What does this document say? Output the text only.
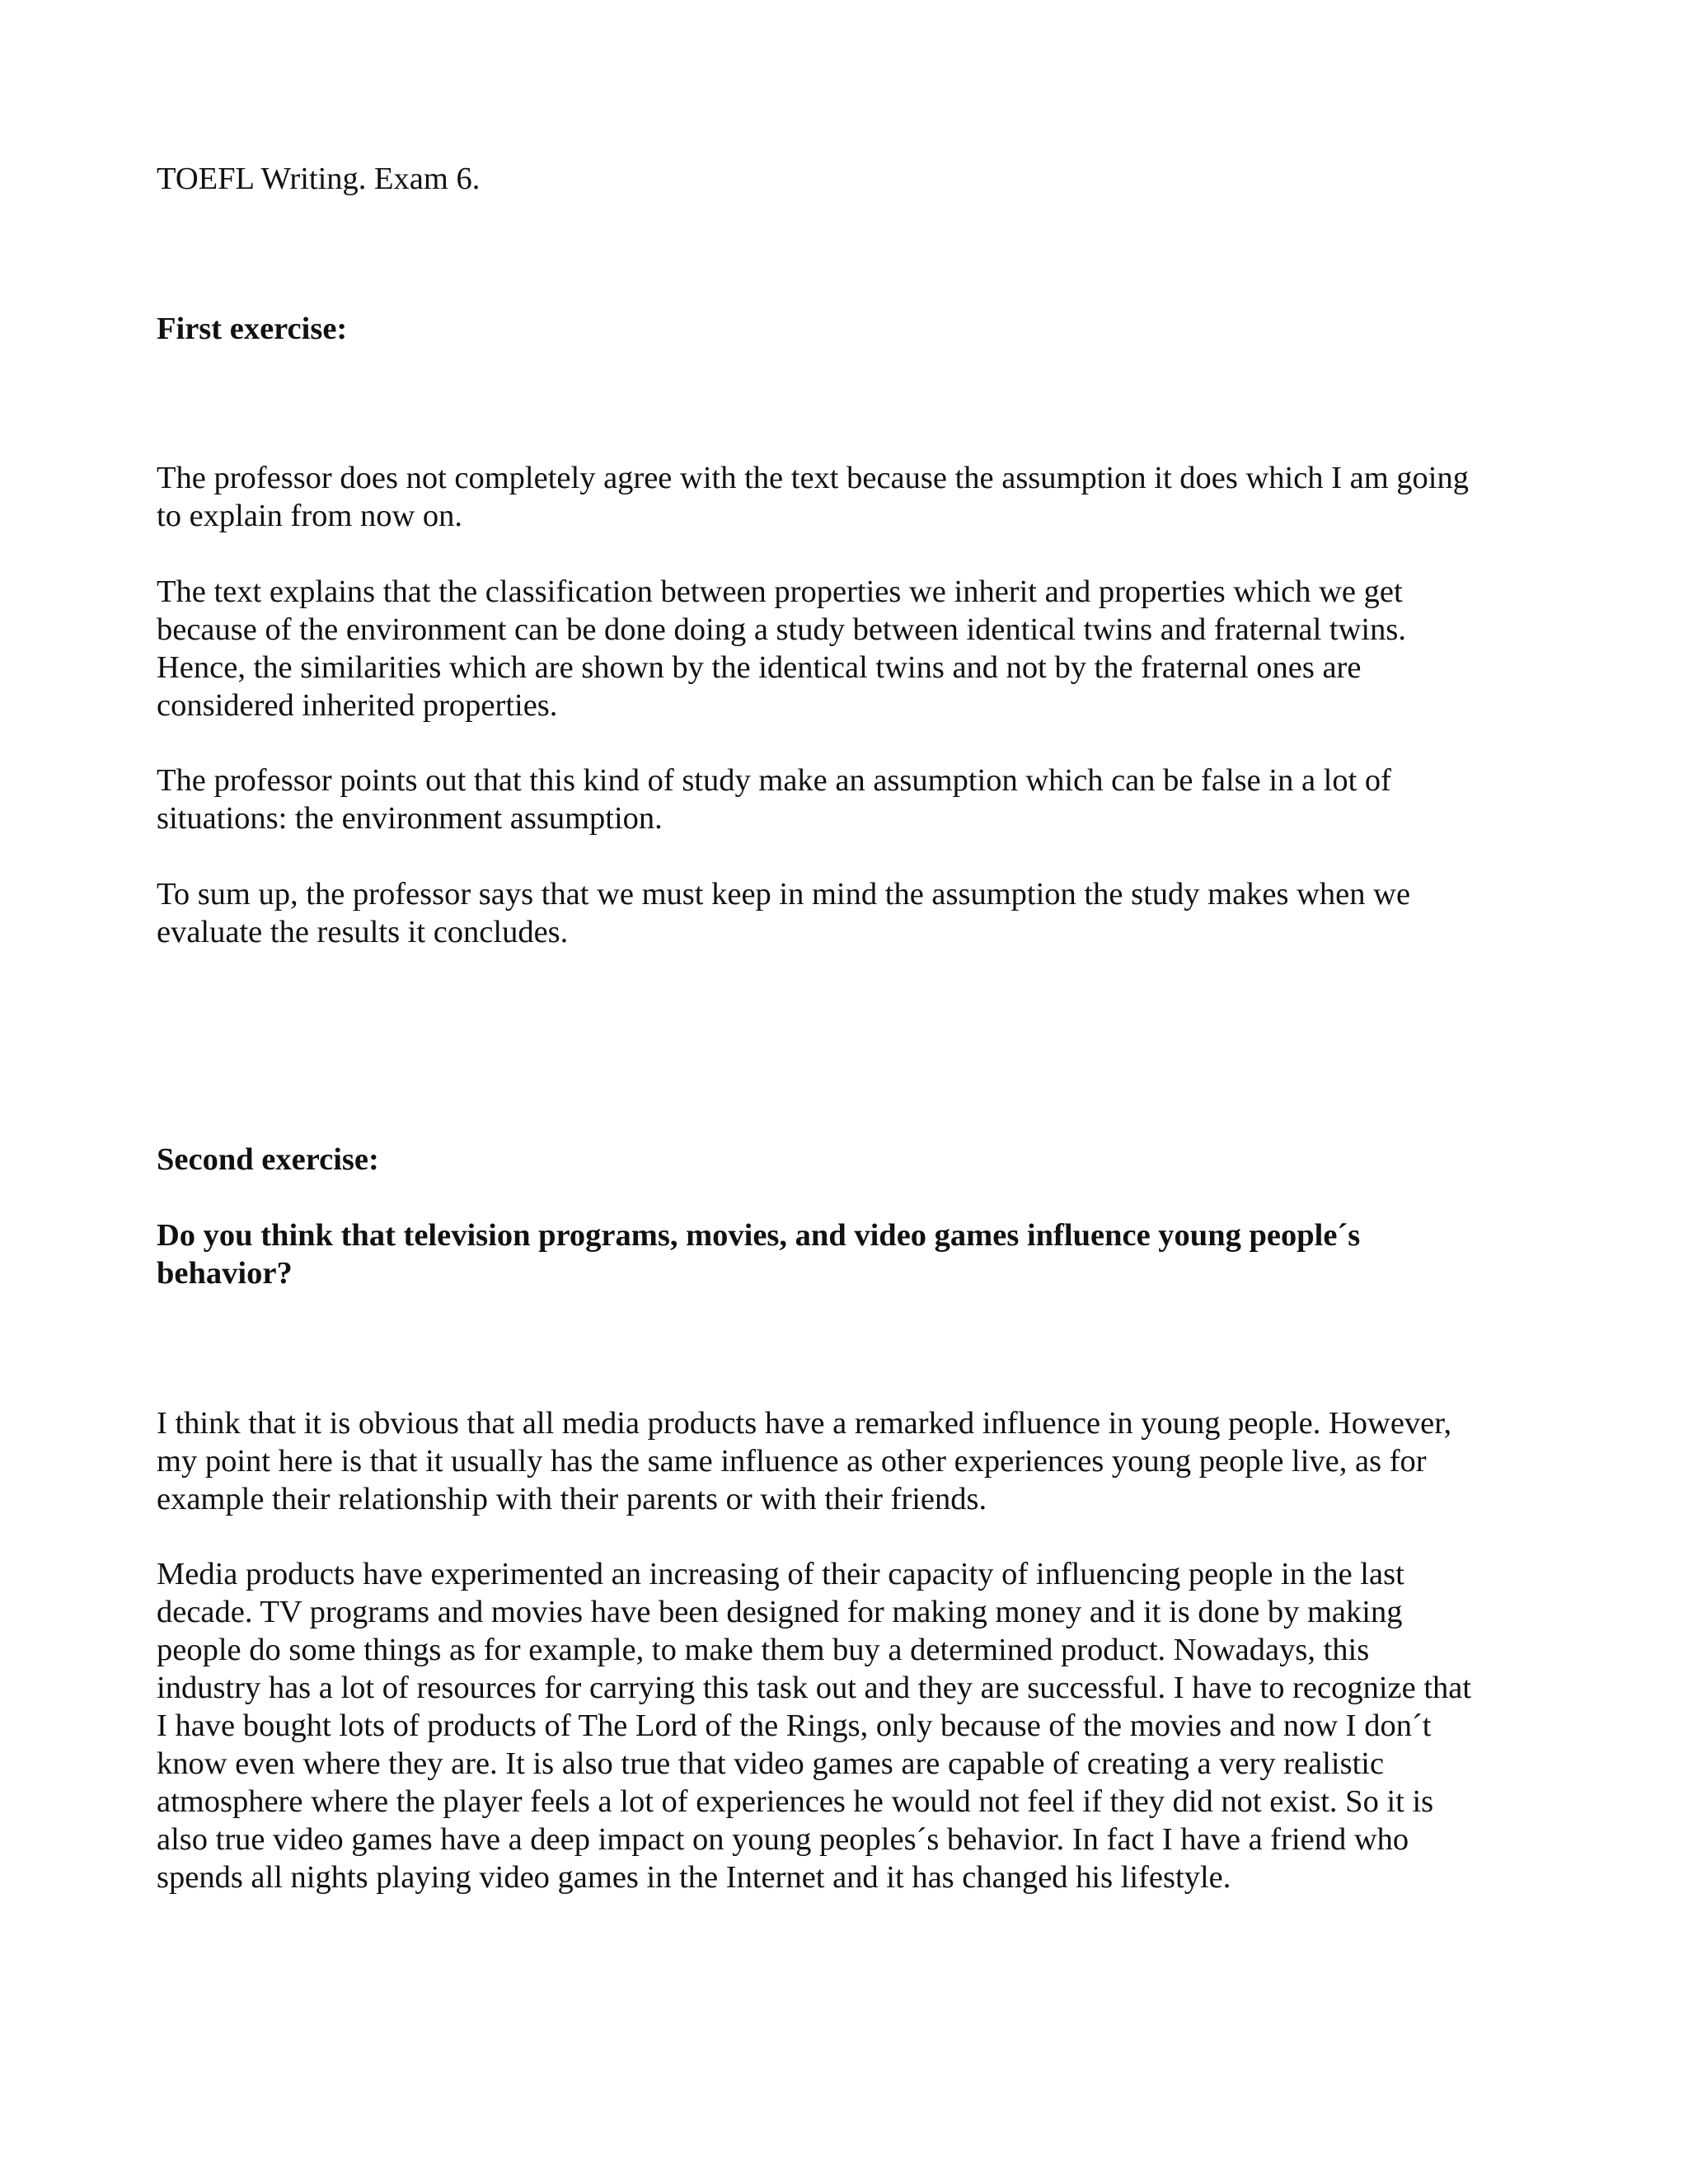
TOEFL Writing. Exam 6.

First exercise:

The professor does not completely agree with the text because the assumption it does which I am going
to explain from now on.
The text explains that the classification between properties we inherit and properties which we get
because of the environment can be done doing a study between identical twins and fraternal twins.
Hence, the similarities which are shown by the identical twins and not by the fraternal ones are
considered inherited properties.
The professor points out that this kind of study make an assumption which can be false in a lot of
situations: the environment assumption.
To sum up, the professor says that we must keep in mind the assumption the study makes when we
evaluate the results it concludes.

Second exercise:

Do you think that television programs, movies, and video games influence young people´s
behavior?
I think that it is obvious that all media products have a remarked influence in young people. However,
my point here is that it usually has the same influence as other experiences young people live, as for
example their relationship with their parents or with their friends.
Media products have experimented an increasing of their capacity of influencing people in the last
decade. TV programs and movies have been designed for making money and it is done by making
people do some things as for example, to make them buy a determined product. Nowadays, this
industry has a lot of resources for carrying this task out and they are successful. I have to recognize that
I have bought lots of products of The Lord of the Rings, only because of the movies and now I don´t
know even where they are. It is also true that video games are capable of creating a very realistic
atmosphere where the player feels a lot of experiences he would not feel if they did not exist. So it is
also true video games have a deep impact on young peoples´s behavior. In fact I have a friend who
spends all nights playing video games in the Internet and it has changed his lifestyle.
